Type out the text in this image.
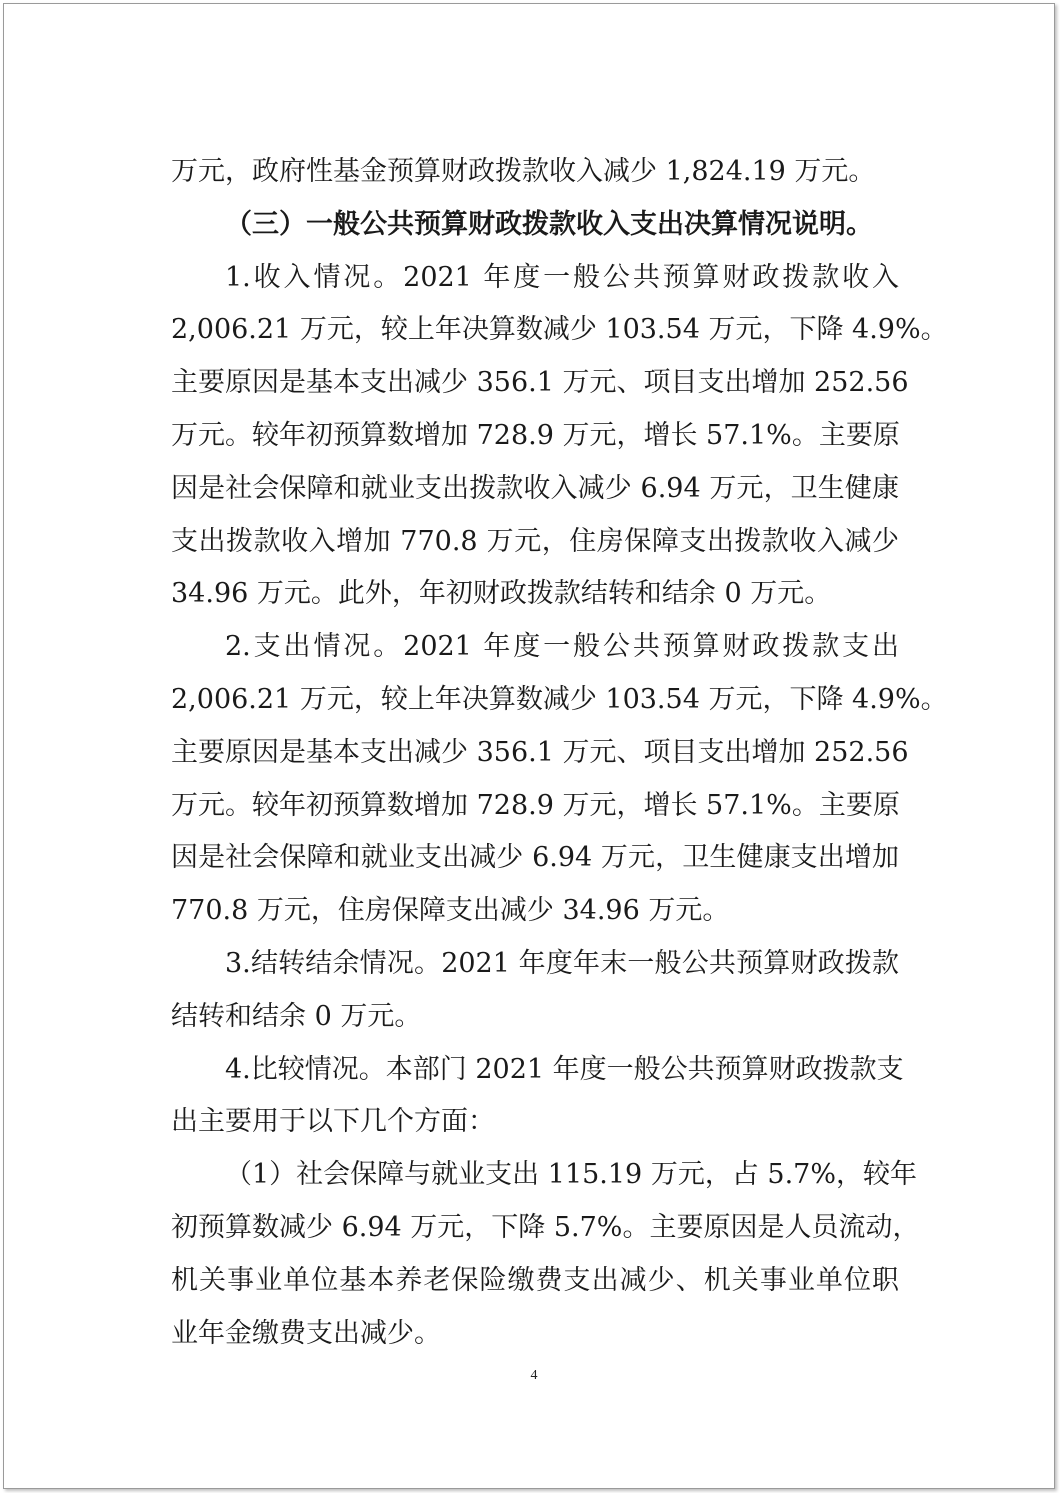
万元，政府性基金预算财政拨款收入减少 1,824.19 万元。
（三）一般公共预算财政拨款收入支出决算情况说明。
1.收入情况。2021 年度一般公共预算财政拨款收入
2,006.21 万元，较上年决算数减少 103.54 万元，下降 4.9%。
主要原因是基本支出减少 356.1 万元、项目支出增加 252.56
万元。较年初预算数增加 728.9 万元，增长 57.1%。主要原
因是社会保障和就业支出拨款收入减少 6.94 万元，卫生健康
支出拨款收入增加 770.8 万元，住房保障支出拨款收入减少
34.96 万元。此外，年初财政拨款结转和结余 0 万元。
2.支出情况。2021 年度一般公共预算财政拨款支出
2,006.21 万元，较上年决算数减少 103.54 万元，下降 4.9%。
主要原因是基本支出减少 356.1 万元、项目支出增加 252.56
万元。较年初预算数增加 728.9 万元，增长 57.1%。主要原
因是社会保障和就业支出减少 6.94 万元，卫生健康支出增加
770.8 万元，住房保障支出减少 34.96 万元。
3.结转结余情况。2021 年度年末一般公共预算财政拨款
结转和结余 0 万元。
4.比较情况。本部门 2021 年度一般公共预算财政拨款支
出主要用于以下几个方面：
（1）社会保障与就业支出 115.19 万元，占 5.7%，较年
初预算数减少 6.94 万元，下降 5.7%。主要原因是人员流动，
机关事业单位基本养老保险缴费支出减少、机关事业单位职
业年金缴费支出减少。
4
